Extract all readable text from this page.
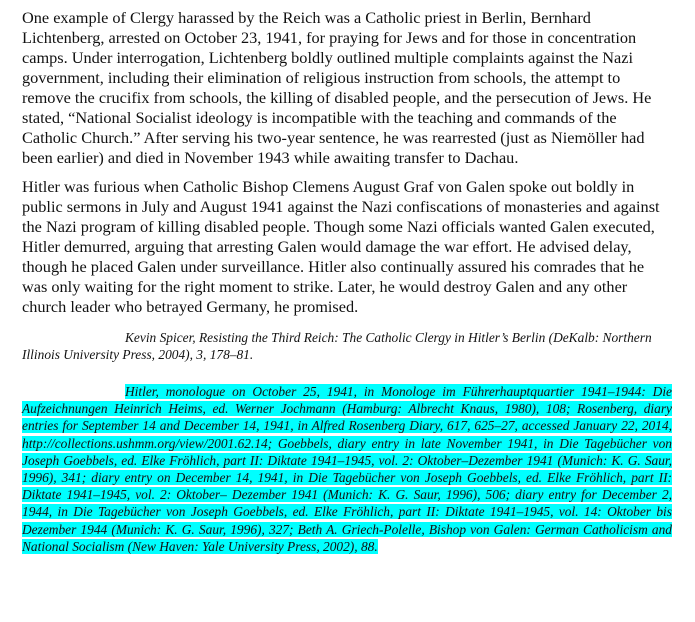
One example of Clergy harassed by the Reich was a Catholic priest in Berlin, Bernhard Lichtenberg, arrested on October 23, 1941, for praying for Jews and for those in concentration camps. Under interrogation, Lichtenberg boldly outlined multiple complaints against the Nazi government, including their elimination of religious instruction from schools, the attempt to remove the crucifix from schools, the killing of disabled people, and the persecution of Jews. He stated, “National Socialist ideology is incompatible with the teaching and commands of the Catholic Church.” After serving his two-year sentence, he was rearrested (just as Niemöller had been earlier) and died in November 1943 while awaiting transfer to Dachau.

Hitler was furious when Catholic Bishop Clemens August Graf von Galen spoke out boldly in public sermons in July and August 1941 against the Nazi confiscations of monasteries and against the Nazi program of killing disabled people. Though some Nazi officials wanted Galen executed, Hitler demurred, arguing that arresting Galen would damage the war effort. He advised delay, though he placed Galen under surveillance. Hitler also continually assured his comrades that he was only waiting for the right moment to strike. Later, he would destroy Galen and any other church leader who betrayed Germany, he promised.

Kevin Spicer, Resisting the Third Reich: The Catholic Clergy in Hitler’s Berlin (DeKalb: Northern Illinois University Press, 2004), 3, 178–81.

Hitler, monologue on October 25, 1941, in Monologe im Führerhauptquartier 1941–1944: Die Aufzeichnungen Heinrich Heims, ed. Werner Jochmann (Hamburg: Albrecht Knaus, 1980), 108; Rosenberg, diary entries for September 14 and December 14, 1941, in Alfred Rosenberg Diary, 617, 625–27, accessed January 22, 2014, http://collections.ushmm.org/view/2001.62.14; Goebbels, diary entry in late November 1941, in Die Tagebücher von Joseph Goebbels, ed. Elke Fröhlich, part II: Diktate 1941–1945, vol. 2: Oktober–Dezember 1941 (Munich: K. G. Saur, 1996), 341; diary entry on December 14, 1941, in Die Tagebücher von Joseph Goebbels, ed. Elke Fröhlich, part II: Diktate 1941–1945, vol. 2: Oktober– Dezember 1941 (Munich: K. G. Saur, 1996), 506; diary entry for December 2, 1944, in Die Tagebücher von Joseph Goebbels, ed. Elke Fröhlich, part II: Diktate 1941–1945, vol. 14: Oktober bis Dezember 1944 (Munich: K. G. Saur, 1996), 327; Beth A. Griech-Polelle, Bishop von Galen: German Catholicism and National Socialism (New Haven: Yale University Press, 2002), 88.
